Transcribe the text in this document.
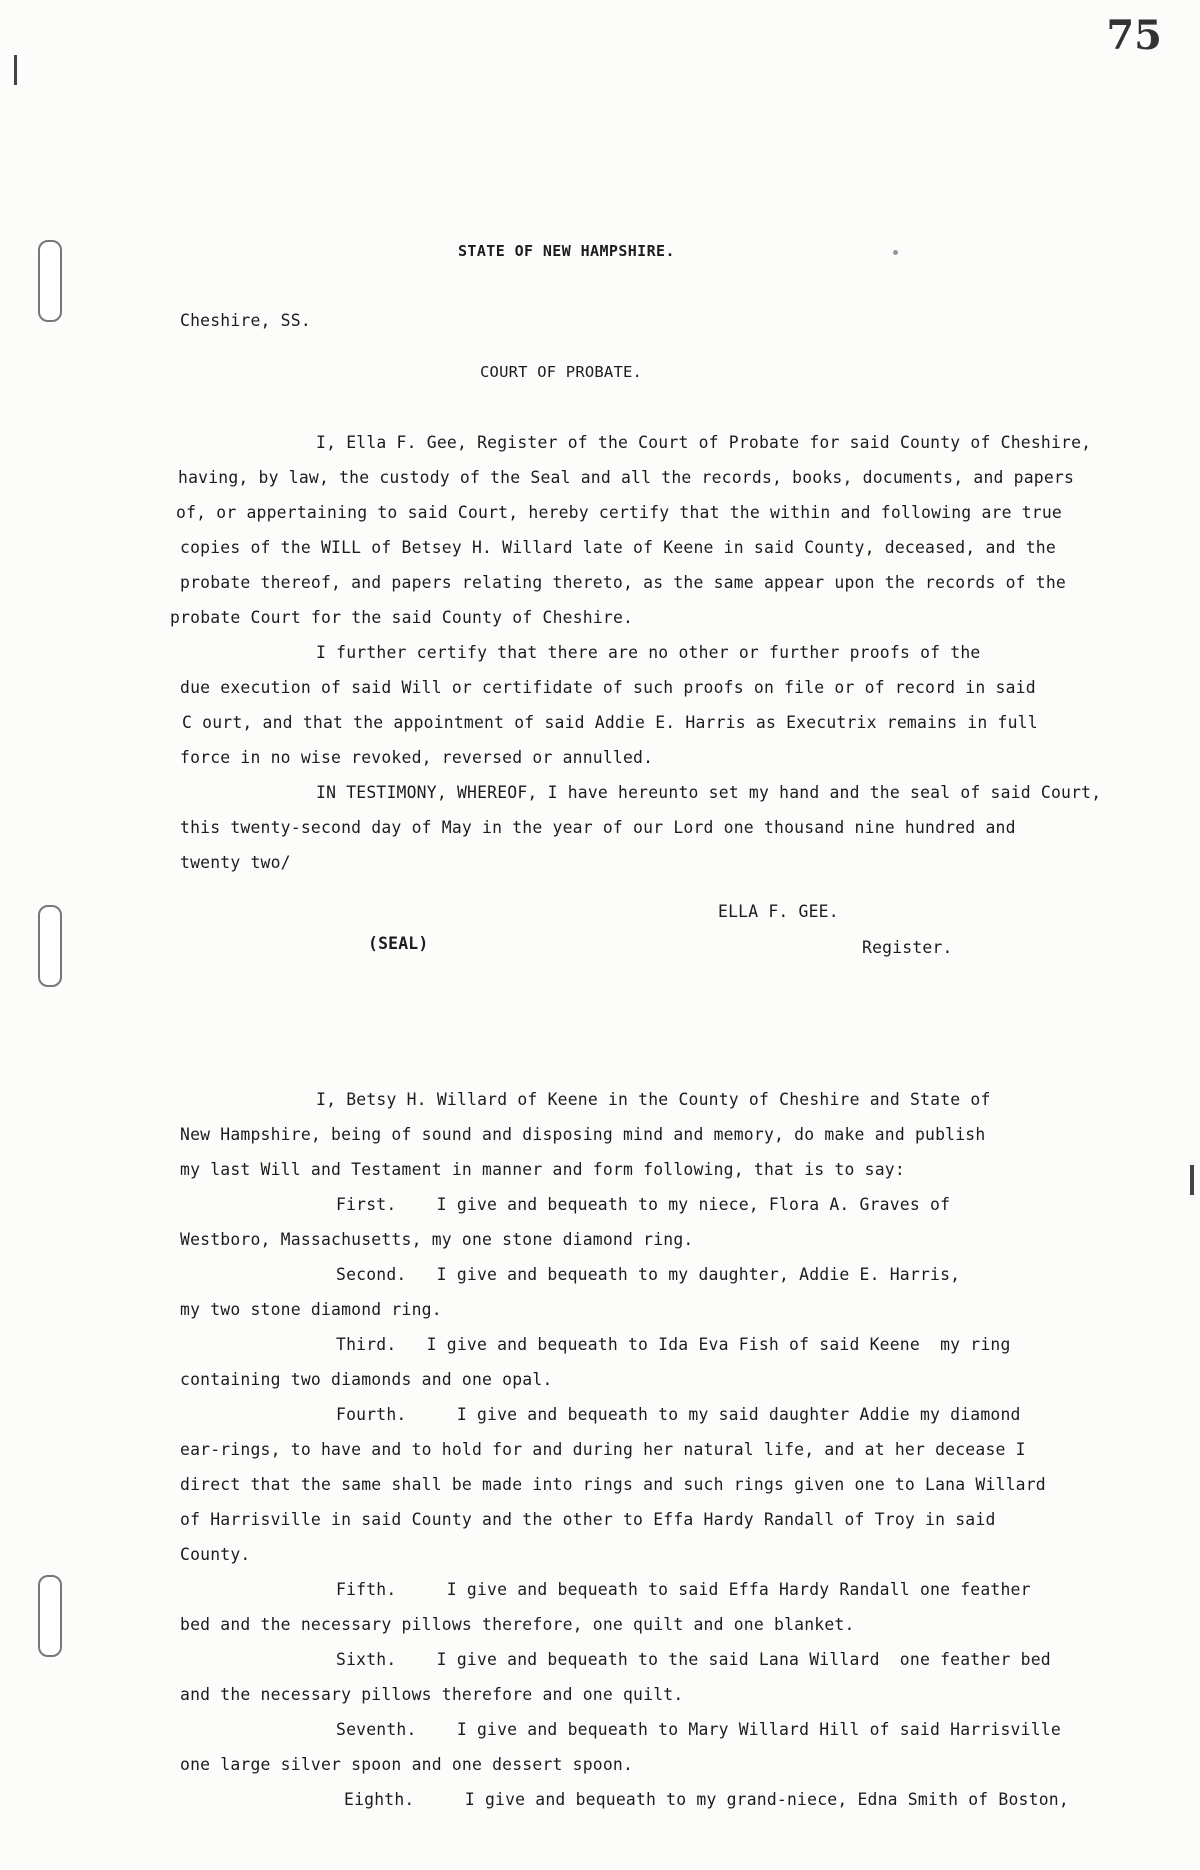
75
STATE OF NEW HAMPSHIRE.
Cheshire, SS.
COURT OF PROBATE.
I, Ella F. Gee, Register of the Court of Probate for said County of Cheshire,
having, by law, the custody of the Seal and all the records, books, documents, and papers
of, or appertaining to said Court, hereby certify that the within and following are true
copies of the WILL of Betsey H. Willard late of Keene in said County, deceased, and the
probate thereof, and papers relating thereto, as the same appear upon the records of the
probate Court for the said County of Cheshire.
I further certify that there are no other or further proofs of the
due execution of said Will or certifidate of such proofs on file or of record in said
C ourt, and that the appointment of said Addie E. Harris as Executrix remains in full
force in no wise revoked, reversed or annulled.
IN TESTIMONY, WHEREOF, I have hereunto set my hand and the seal of said Court,
this twenty-second day of May in the year of our Lord one thousand nine hundred and
twenty two/
ELLA F. GEE.
(SEAL)	Register.
I, Betsy H. Willard of Keene in the County of Cheshire and State of
New Hampshire, being of sound and disposing mind and memory, do make and publish
my last Will and Testament in manner and form following, that is to say:
First.    I give and bequeath to my niece, Flora A. Graves of
Westboro, Massachusetts, my one stone diamond ring.
Second.   I give and bequeath to my daughter, Addie E. Harris,
my two stone diamond ring.
Third.   I give and bequeath to Ida Eva Fish of said Keene  my ring
containing two diamonds and one opal.
Fourth.     I give and bequeath to my said daughter Addie my diamond
ear-rings, to have and to hold for and during her natural life, and at her decease I
direct that the same shall be made into rings and such rings given one to Lana Willard
of Harrisville in said County and the other to Effa Hardy Randall of Troy in said
County.
Fifth.     I give and bequeath to said Effa Hardy Randall one feather
bed and the necessary pillows therefore, one quilt and one blanket.
Sixth.    I give and bequeath to the said Lana Willard  one feather bed
and the necessary pillows therefore and one quilt.
Seventh.    I give and bequeath to Mary Willard Hill of said Harrisville
one large silver spoon and one dessert spoon.
Eighth.     I give and bequeath to my grand-niece, Edna Smith of Boston,
